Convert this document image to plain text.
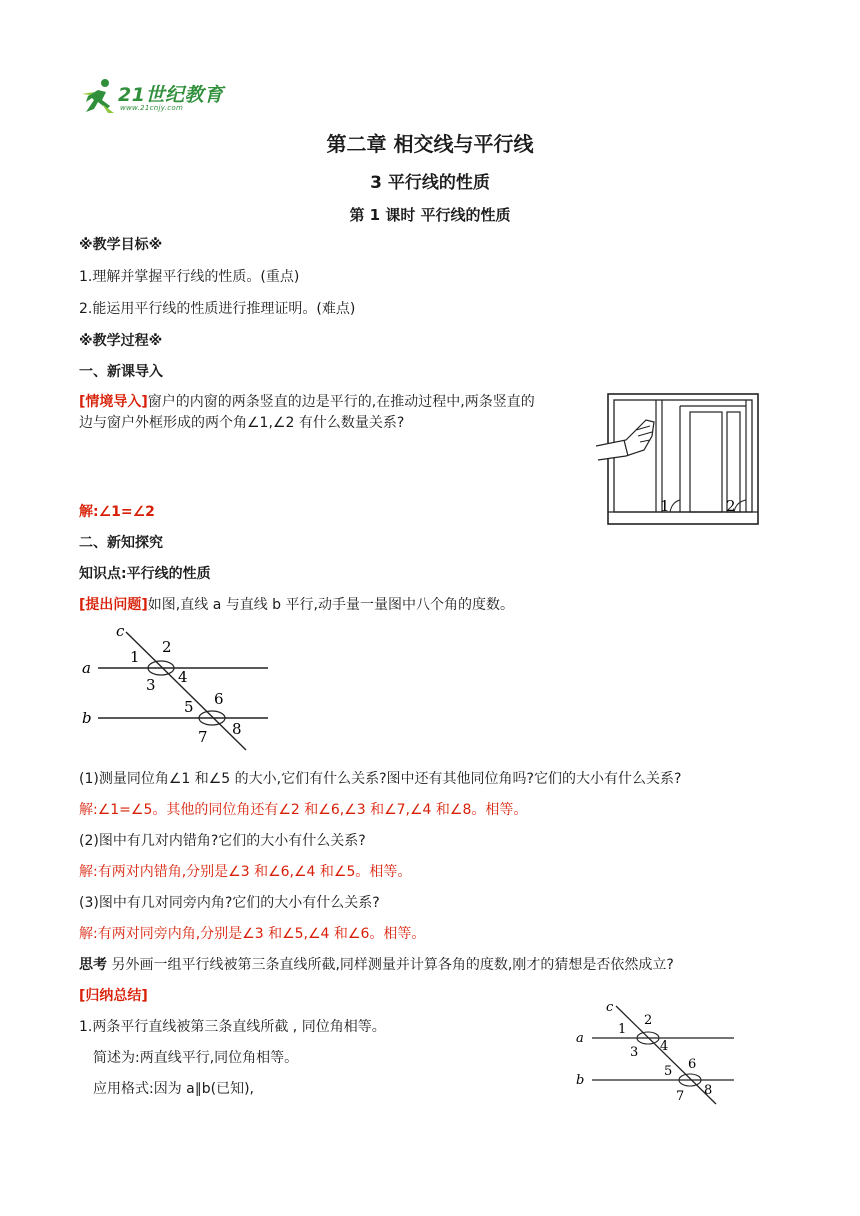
21世纪教育
www.21cnjy.com
第二章 相交线与平行线
3 平行线的性质
第 1 课时 平行线的性质
※教学目标※
1.理解并掌握平行线的性质。(重点)
2.能运用平行线的性质进行推理证明。(难点)
※教学过程※
一、新课导入
[情境导入]窗户的内窗的两条竖直的边是平行的,在推动过程中,两条竖直的
边与窗户外框形成的两个角∠1,∠2 有什么数量关系?
解:∠1=∠2	1	2
二、新知探究
知识点:平行线的性质
[提出问题]如图,直线 a 与直线 b 平行,动手量一量图中八个角的度数。
c
a
b
1
2
3 4
5 6
7 8
(1)测量同位角∠1 和∠5 的大小,它们有什么关系?图中还有其他同位角吗?它们的大小有什么关系?
解:∠1=∠5。其他的同位角还有∠2 和∠6,∠3 和∠7,∠4 和∠8。相等。
(2)图中有几对内错角?它们的大小有什么关系?
解:有两对内错角,分别是∠3 和∠6,∠4 和∠5。相等。
(3)图中有几对同旁内角?它们的大小有什么关系?
解:有两对同旁内角,分别是∠3 和∠5,∠4 和∠6。相等。
思考 另外画一组平行线被第三条直线所截,同样测量并计算各角的度数,刚才的猜想是否依然成立?
[归纳总结]
1.两条平行直线被第三条直线所截 , 同位角相等。
简述为:两直线平行,同位角相等。
应用格式:因为 a∥b(已知),
c
a
b
1
2
3 4
5 6
7 8
